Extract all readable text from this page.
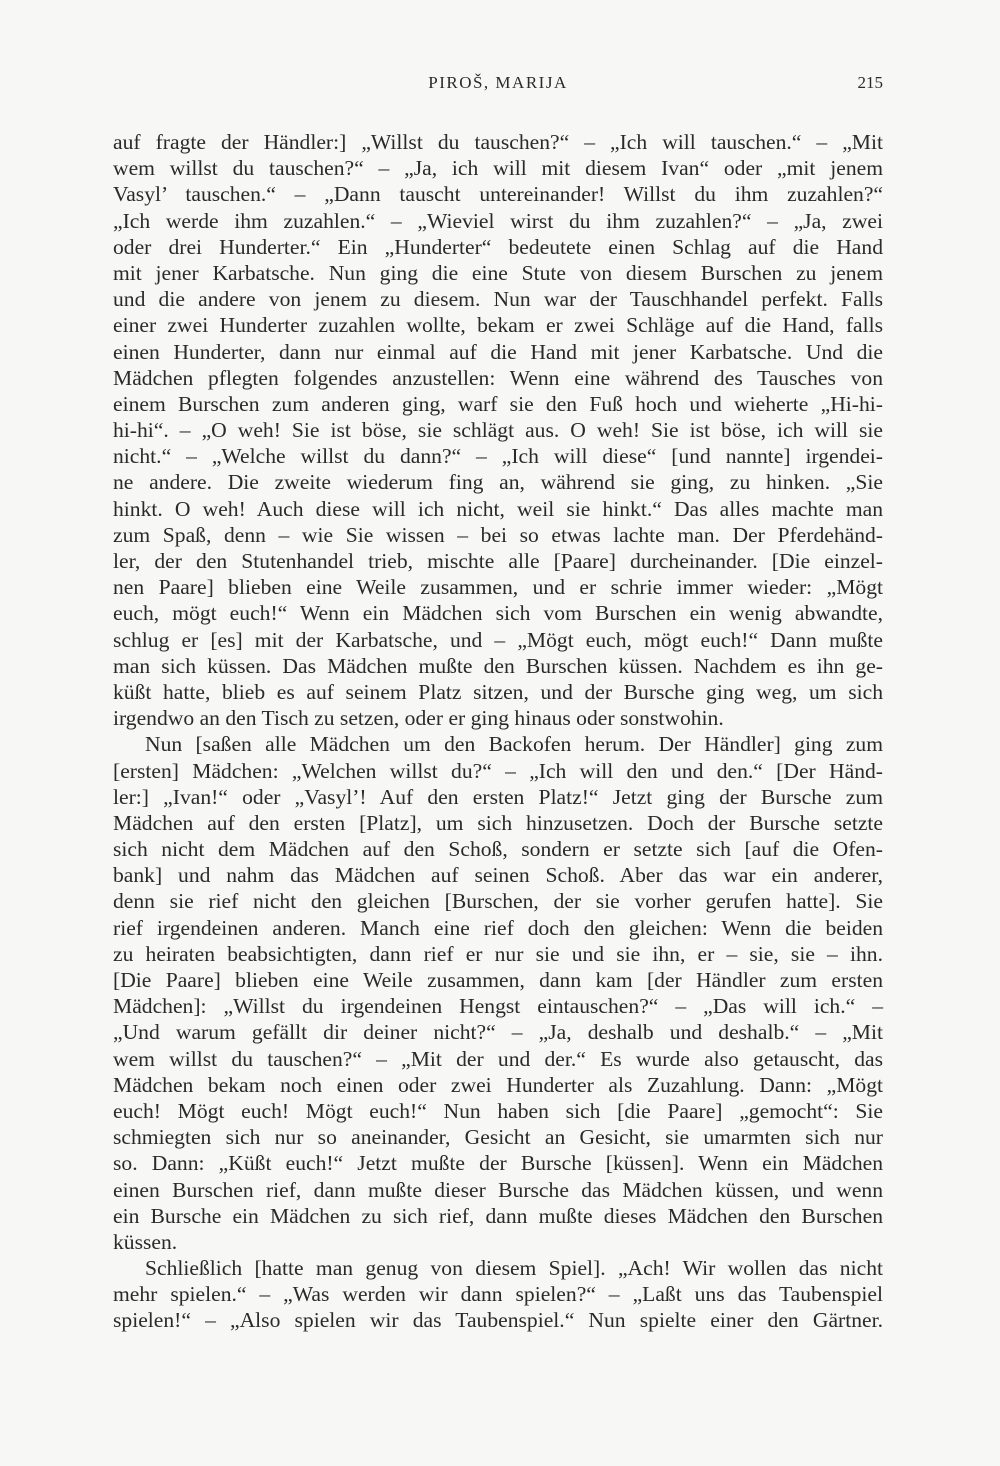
PIROŠ, MARIJA	215
auf fragte der Händler:] „Willst du tauschen?“ – „Ich will tauschen.“ – „Mit
wem willst du tauschen?“ – „Ja, ich will mit diesem Ivan“ oder „mit jenem
Vasyl’ tauschen.“ – „Dann tauscht untereinander! Willst du ihm zuzahlen?“
„Ich werde ihm zuzahlen.“ – „Wieviel wirst du ihm zuzahlen?“ – „Ja, zwei
oder drei Hunderter.“ Ein „Hunderter“ bedeutete einen Schlag auf die Hand
mit jener Karbatsche. Nun ging die eine Stute von diesem Burschen zu jenem
und die andere von jenem zu diesem. Nun war der Tauschhandel perfekt. Falls
einer zwei Hunderter zuzahlen wollte, bekam er zwei Schläge auf die Hand, falls
einen Hunderter, dann nur einmal auf die Hand mit jener Karbatsche. Und die
Mädchen pflegten folgendes anzustellen: Wenn eine während des Tausches von
einem Burschen zum anderen ging, warf sie den Fuß hoch und wieherte „Hi-hi-
hi-hi“. – „O weh! Sie ist böse, sie schlägt aus. O weh! Sie ist böse, ich will sie
nicht.“ – „Welche willst du dann?“ – „Ich will diese“ [und nannte] irgendei-
ne andere. Die zweite wiederum fing an, während sie ging, zu hinken. „Sie
hinkt. O weh! Auch diese will ich nicht, weil sie hinkt.“ Das alles machte man
zum Spaß, denn – wie Sie wissen – bei so etwas lachte man. Der Pferdehänd-
ler, der den Stutenhandel trieb, mischte alle [Paare] durcheinander. [Die einzel-
nen Paare] blieben eine Weile zusammen, und er schrie immer wieder: „Mögt
euch, mögt euch!“ Wenn ein Mädchen sich vom Burschen ein wenig abwandte,
schlug er [es] mit der Karbatsche, und – „Mögt euch, mögt euch!“ Dann mußte
man sich küssen. Das Mädchen mußte den Burschen küssen. Nachdem es ihn ge-
küßt hatte, blieb es auf seinem Platz sitzen, und der Bursche ging weg, um sich
irgendwo an den Tisch zu setzen, oder er ging hinaus oder sonstwohin.
Nun [saßen alle Mädchen um den Backofen herum. Der Händler] ging zum
[ersten] Mädchen: „Welchen willst du?“ – „Ich will den und den.“ [Der Händ-
ler:] „Ivan!“ oder „Vasyl’! Auf den ersten Platz!“ Jetzt ging der Bursche zum
Mädchen auf den ersten [Platz], um sich hinzusetzen. Doch der Bursche setzte
sich nicht dem Mädchen auf den Schoß, sondern er setzte sich [auf die Ofen-
bank] und nahm das Mädchen auf seinen Schoß. Aber das war ein anderer,
denn sie rief nicht den gleichen [Burschen, der sie vorher gerufen hatte]. Sie
rief irgendeinen anderen. Manch eine rief doch den gleichen: Wenn die beiden
zu heiraten beabsichtigten, dann rief er nur sie und sie ihn, er – sie, sie – ihn.
[Die Paare] blieben eine Weile zusammen, dann kam [der Händler zum ersten
Mädchen]: „Willst du irgendeinen Hengst eintauschen?“ – „Das will ich.“ –
„Und warum gefällt dir deiner nicht?“ – „Ja, deshalb und deshalb.“ – „Mit
wem willst du tauschen?“ – „Mit der und der.“ Es wurde also getauscht, das
Mädchen bekam noch einen oder zwei Hunderter als Zuzahlung. Dann: „Mögt
euch! Mögt euch! Mögt euch!“ Nun haben sich [die Paare] „gemocht“: Sie
schmiegten sich nur so aneinander, Gesicht an Gesicht, sie umarmten sich nur
so. Dann: „Küßt euch!“ Jetzt mußte der Bursche [küssen]. Wenn ein Mädchen
einen Burschen rief, dann mußte dieser Bursche das Mädchen küssen, und wenn
ein Bursche ein Mädchen zu sich rief, dann mußte dieses Mädchen den Burschen
küssen.
Schließlich [hatte man genug von diesem Spiel]. „Ach! Wir wollen das nicht
mehr spielen.“ – „Was werden wir dann spielen?“ – „Laßt uns das Taubenspiel
spielen!“ – „Also spielen wir das Taubenspiel.“ Nun spielte einer den Gärtner.
